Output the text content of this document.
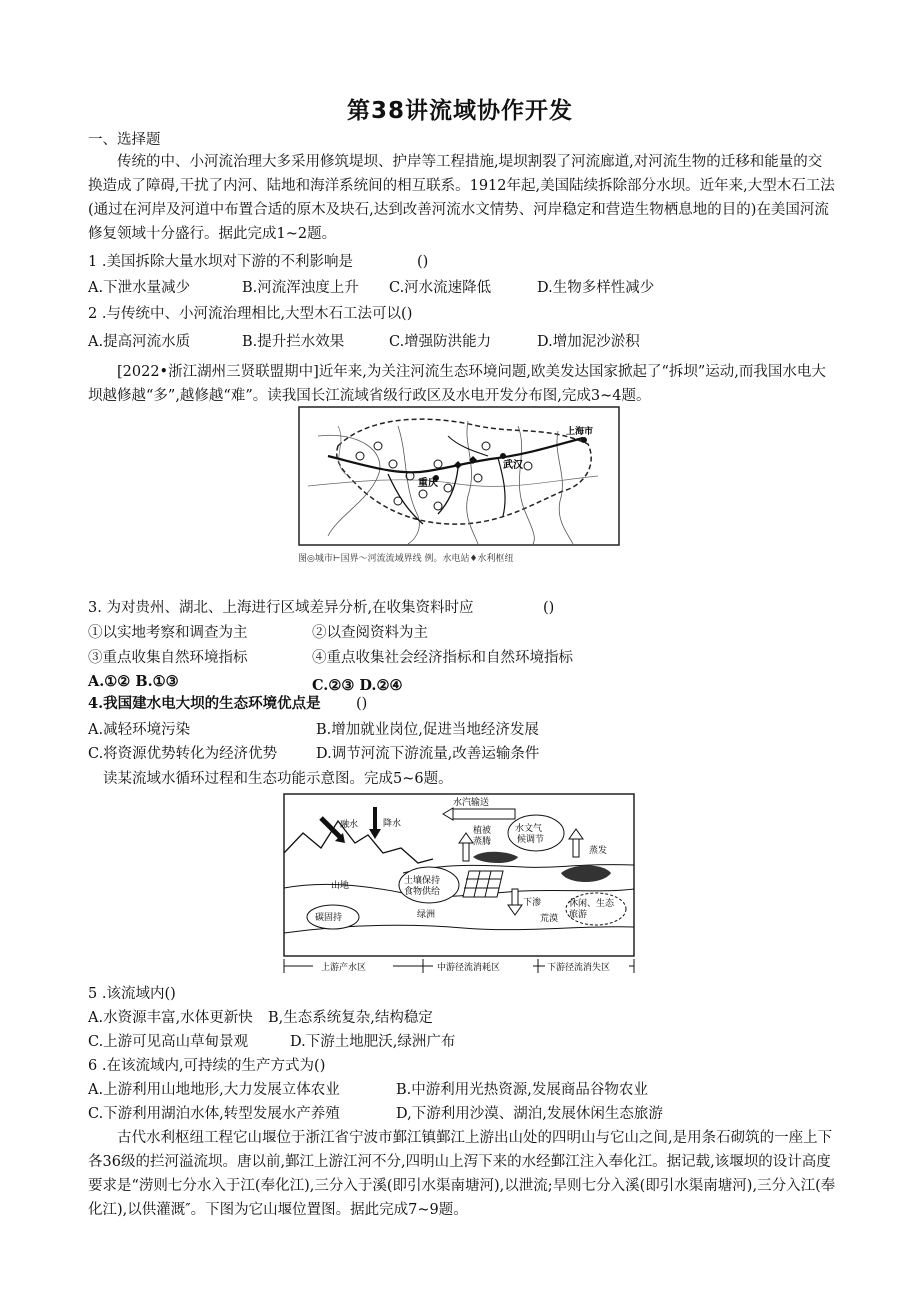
第38讲流域协作开发
一、选择题
传统的中、小河流治理大多采用修筑堤坝、护岸等工程措施,堤坝割裂了河流廊道,对河流生物的迁移和能量的交换造成了障碍,干扰了内河、陆地和海洋系统间的相互联系。1912年起,美国陆续拆除部分水坝。近年来,大型木石工法(通过在河岸及河道中布置合适的原木及块石,达到改善河流水文情势、河岸稳定和营造生物栖息地的目的)在美国河流修复领域十分盛行。据此完成1~2题。
1 .美国拆除大量水坝对下游的不利影响是	()
A.下泄水量减少	B.河流浑浊度上升 C.河水流速降低	D.生物多样性减少
2 .与传统中、小河流治理相比,大型木石工法可以()
A.提高河流水质	B.提升拦水效果	C.增强防洪能力	D.增加泥沙淤积
[2022•浙江湖州三贤联盟期中]近年来,为关注河流生态环境问题,欧美发达国家掀起了“拆坝”运动,而我国水电大坝越修越“多”,越修越“难”。读我国长江流域省级行政区及水电开发分布图,完成3~4题。
重庆
武汉
上海市
图◎城市⊢国界～河流流域界线 例。水电站♦水利枢纽
3. 为对贵州、湖北、上海进行区域差异分析,在收集资料时应	()
①以实地考察和调查为主	②以查阅资料为主
③重点收集自然环境指标	④重点收集社会经济指标和自然环境指标
A.①② B.①③	C.②③ D.②④
4.我国建水电大坝的生态环境优点是 ()
A.减轻环境污染	B.增加就业岗位,促进当地经济发展
C.将资源优势转化为经济优势	D.调节河流下游流量,改善运输条件
读某流域水循环过程和生态功能示意图。完成5~6题。
融水	降水
水汽输送
植被
蒸腾
水文气
候调节
蒸发
山地	土壤保持
食物供给
绿洲
下渗
荒漠
休闲、生态
旅游
碳固持
上游产水区	中游径流消耗区	下游径流消失区
5 .该流域内()
A.水资源丰富,水体更新快 B,生态系统复杂,结构稳定
C.上游可见高山草甸景观	D.下游土地肥沃,绿洲广布
6 .在该流域内,可持续的生产方式为()
A.上游利用山地地形,大力发展立体农业	B.中游利用光热资源,发展商品谷物农业
C.下游利用湖泊水体,转型发展水产养殖	D,下游利用沙漠、湖泊,发展休闲生态旅游
古代水利枢纽工程它山堰位于浙江省宁波市鄞江镇鄞江上游出山处的四明山与它山之间,是用条石砌筑的一座上下各36级的拦河溢流坝。唐以前,鄞江上游江河不分,四明山上泻下来的水经鄞江注入奉化江。据记载,该堰坝的设计高度要求是“涝则七分水入于江(奉化江),三分入于溪(即引水渠南塘河),以泄流;旱则七分入溪(即引水渠南塘河),三分入江(奉化江),以供灌溉″。下图为它山堰位置图。据此完成7~9题。
